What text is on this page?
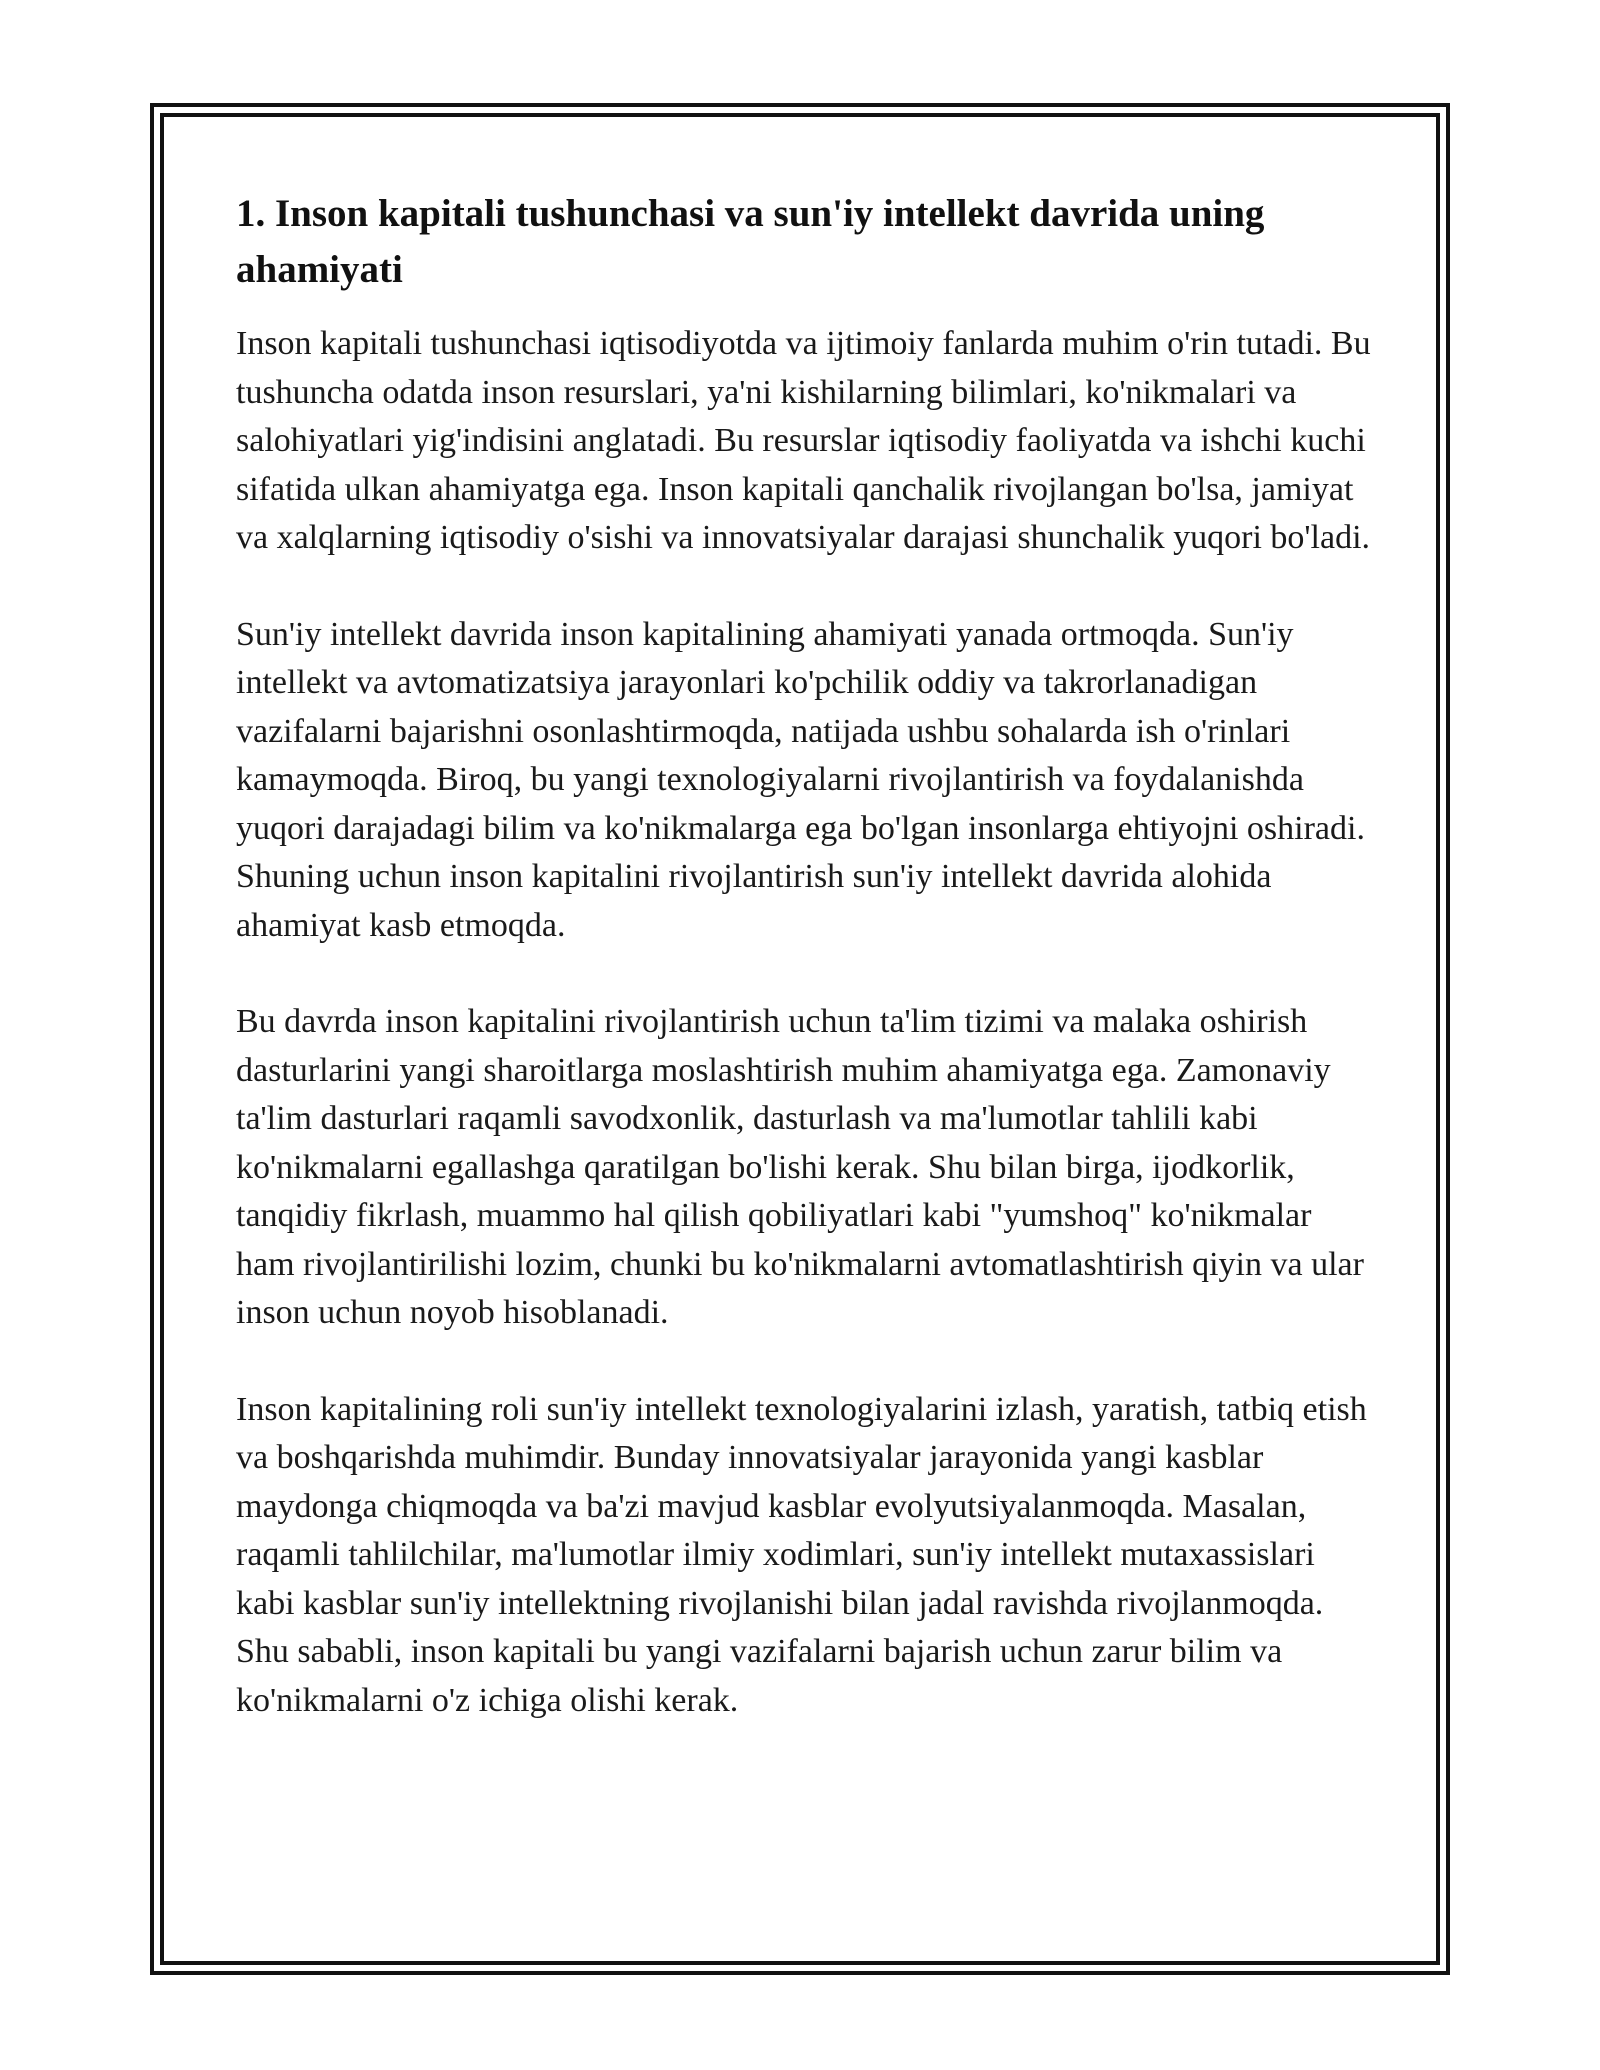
1. Inson kapitali tushunchasi va sun'iy intellekt davrida uning ahamiyati

Inson kapitali tushunchasi iqtisodiyotda va ijtimoiy fanlarda muhim o'rin tutadi. Bu tushuncha odatda inson resurslari, ya'ni kishilarning bilimlari, ko'nikmalari va salohiyatlari yig'indisini anglatadi. Bu resurslar iqtisodiy faoliyatda va ishchi kuchi sifatida ulkan ahamiyatga ega. Inson kapitali qanchalik rivojlangan bo'lsa, jamiyat va xalqlarning iqtisodiy o'sishi va innovatsiyalar darajasi shunchalik yuqori bo'ladi.

Sun'iy intellekt davrida inson kapitalining ahamiyati yanada ortmoqda. Sun'iy intellekt va avtomatizatsiya jarayonlari ko'pchilik oddiy va takrorlanadigan vazifalarni bajarishni osonlashtirmoqda, natijada ushbu sohalarda ish o'rinlari kamaymoqda. Biroq, bu yangi texnologiyalarni rivojlantirish va foydalanishda yuqori darajadagi bilim va ko'nikmalarga ega bo'lgan insonlarga ehtiyojni oshiradi. Shuning uchun inson kapitalini rivojlantirish sun'iy intellekt davrida alohida ahamiyat kasb etmoqda.

Bu davrda inson kapitalini rivojlantirish uchun ta'lim tizimi va malaka oshirish dasturlarini yangi sharoitlarga moslashtirish muhim ahamiyatga ega. Zamonaviy ta'lim dasturlari raqamli savodxonlik, dasturlash va ma'lumotlar tahlili kabi ko'nikmalarni egallashga qaratilgan bo'lishi kerak. Shu bilan birga, ijodkorlik, tanqidiy fikrlash, muammo hal qilish qobiliyatlari kabi "yumshoq" ko'nikmalar ham rivojlantirilishi lozim, chunki bu ko'nikmalarni avtomatlashtirish qiyin va ular inson uchun noyob hisoblanadi.

Inson kapitalining roli sun'iy intellekt texnologiyalarini izlash, yaratish, tatbiq etish va boshqarishda muhimdir. Bunday innovatsiyalar jarayonida yangi kasblar maydonga chiqmoqda va ba'zi mavjud kasblar evolyutsiyalanmoqda. Masalan, raqamli tahlilchilar, ma'lumotlar ilmiy xodimlari, sun'iy intellekt mutaxassislari kabi kasblar sun'iy intellektning rivojlanishi bilan jadal ravishda rivojlanmoqda. Shu sababli, inson kapitali bu yangi vazifalarni bajarish uchun zarur bilim va ko'nikmalarni o'z ichiga olishi kerak.
